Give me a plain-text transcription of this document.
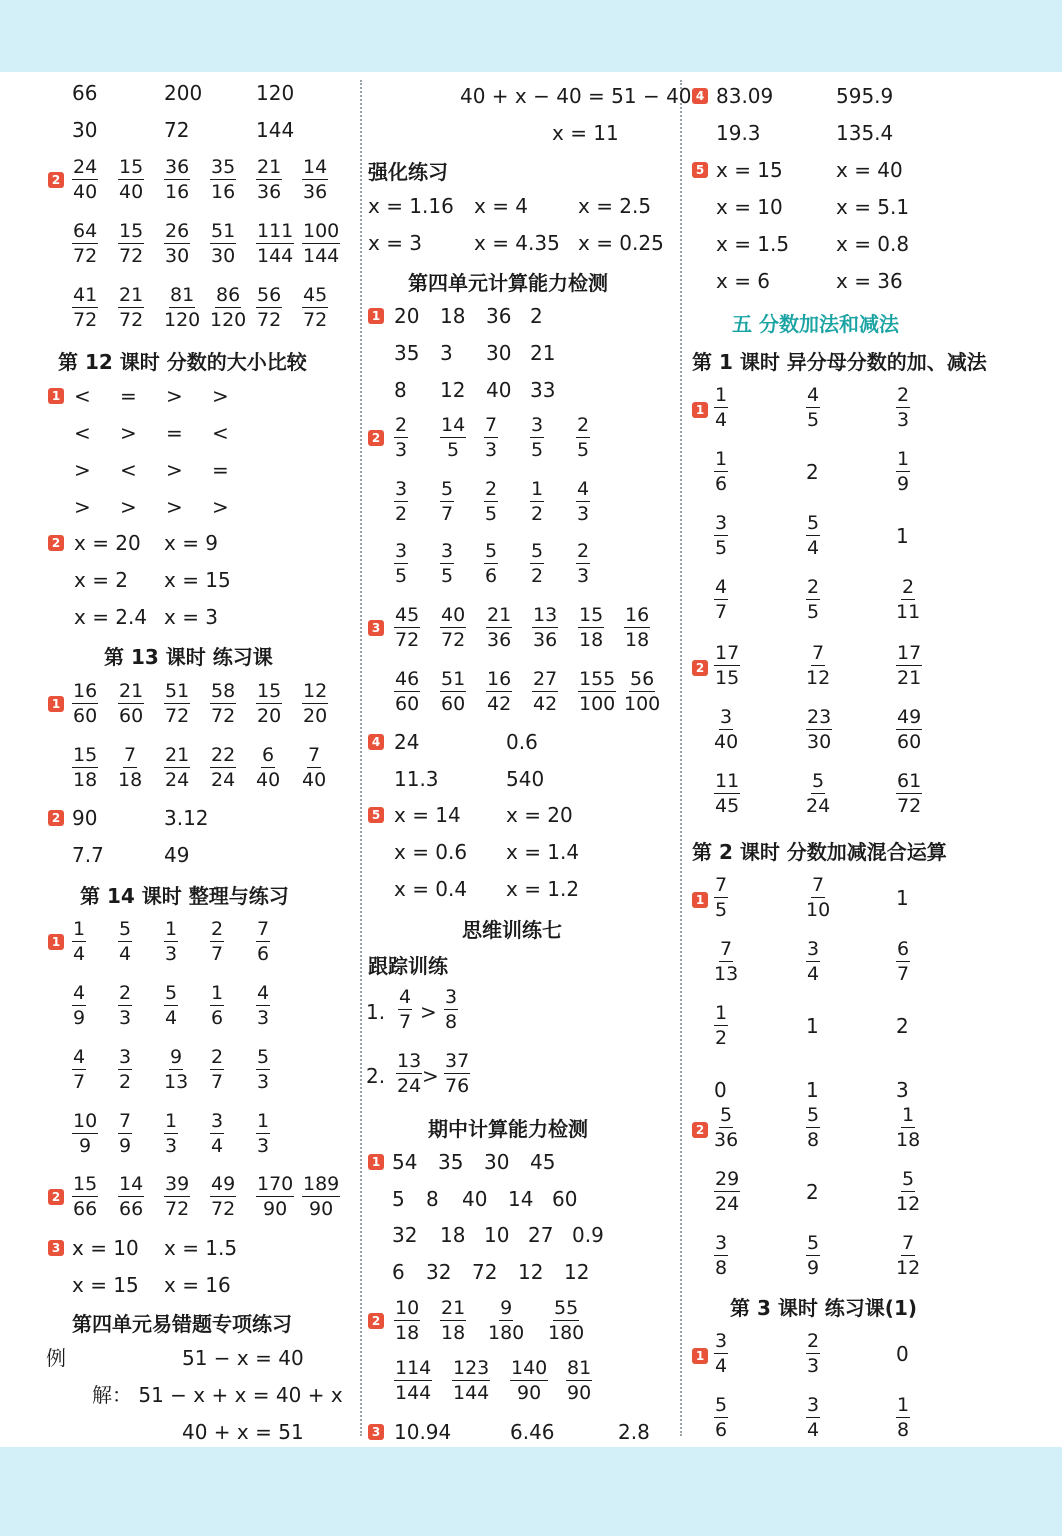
66	200	120
30	72	144
$2 \frac{24}{40} \frac{15}{40} \frac{36}{16} \frac{35}{16} \frac{21}{36} \frac{14}{36}$
$\frac{64}{72} \frac{15}{72} \frac{26}{30} \frac{51}{30} \frac{111}{144} \frac{100}{144}$
$\frac{41}{72} \frac{21}{72} \frac{81}{120} \frac{86}{120} \frac{56}{72} \frac{45}{72}$
第 12 课时 分数的大小比较
1 < = > >
< > = <
> < > =
> > > >
2 x = 20 x = 9
x = 2 x = 15
x = 2.4 x = 3
第 13 课时 练习课
$1 \frac{16}{60} \frac{21}{60} \frac{51}{72} \frac{58}{72} \frac{15}{20} \frac{12}{20}$
$\frac{15}{18} \frac{7}{18} \frac{21}{24} \frac{22}{24} \frac{6}{40} \frac{7}{40}$
2 90	3.12
7.7	49
第 14 课时 整理与练习
$1 \frac{1}{4} \frac{5}{4} \frac{1}{3} \frac{2}{7} \frac{7}{6}$
$\frac{4}{9} \frac{2}{3} \frac{5}{4} \frac{1}{6} \frac{4}{3}$
$\frac{4}{7} \frac{3}{2} \frac{9}{13} \frac{2}{7} \frac{5}{3}$
$\frac{10}{9} \frac{7}{9} \frac{1}{3} \frac{3}{4} \frac{1}{3}$
$2 \frac{15}{66} \frac{14}{66} \frac{39}{72} \frac{49}{72} \frac{170}{90} \frac{189}{90}$
3 x = 10 x = 1.5
x = 15 x = 16
第四单元易错题专项练习
例	51 − x = 40
解： 51 − x + x = 40 + x
40 + x = 51
40 + x − 40 = 51 − 40
x = 11
强化练习
x = 1.16 x = 4 x = 2.5
x = 3	x = 4.35 x = 0.25
第四单元计算能力检测
1 20 18 36 2
35 3 30 21
8 12 40 33
$2 \frac{2}{3} \frac{14}{5} \frac{7}{3} \frac{3}{5} \frac{2}{5}$
$\frac{3}{2} \frac{5}{7} \frac{2}{5} \frac{1}{2} \frac{4}{3}$
$\frac{3}{5} \frac{3}{5} \frac{5}{6} \frac{5}{2} \frac{2}{3}$
$3 \frac{45}{72} \frac{40}{72} \frac{21}{36} \frac{13}{36} \frac{15}{18} \frac{16}{18}$
$\frac{46}{60} \frac{51}{60} \frac{16}{42} \frac{27}{42} \frac{155}{100} \frac{56}{100}$
4 24	0.6
11.3	540
5 x = 14 x = 20
x = 0.6 x = 1.4
x = 0.4 x = 1.2
思维训练七
跟踪训练
1. $\frac{4}{7} > \frac{3}{8}$
2. $\frac{13}{24} > \frac{37}{76}$
期中计算能力检测
1 54 35 30 45
5 8 40 14 60
32 18 10 27 0.9
6 32 72 12 12
$2 \frac{10}{18} \frac{21}{18} \frac{9}{180} \frac{55}{180}$
$\frac{114}{144} \frac{123}{144} \frac{140}{90} \frac{81}{90}$
3 10.94	6.46	2.8
4 83.09	595.9
19.3	135.4
5 x = 15	x = 40
x = 10	x = 5.1
x = 1.5 x = 0.8
x = 6	x = 36
五 分数加法和减法
第 1 课时 异分母分数的加、减法
$1 \frac{1}{4}$	$\frac{4}{5}$	$\frac{2}{3}$
$\frac{1}{6}$	2	$\frac{1}{9}$
$\frac{3}{5}$	$\frac{5}{4}$	1
$\frac{4}{7}$	$\frac{2}{5}$	$\frac{2}{11}$
$2 \frac{17}{15}$	$\frac{7}{12}$	$\frac{17}{21}$
$\frac{3}{40}$	$\frac{23}{30}$	$\frac{49}{60}$
$\frac{11}{45}$	$\frac{5}{24}$	$\frac{61}{72}$
第 2 课时 分数加减混合运算
$1 \frac{7}{5}$	$\frac{7}{10}$	1
$\frac{7}{13}$	$\frac{3}{4}$	$\frac{6}{7}$
$\frac{1}{2}$	1	2
0	1	3
$2 \frac{5}{36}$	$\frac{5}{8}$	$\frac{1}{18}$
$\frac{29}{24}$	2	$\frac{5}{12}$
$\frac{3}{8}$	$\frac{5}{9}$	$\frac{7}{12}$
第 3 课时 练习课(1)
$1 \frac{3}{4}$	$\frac{2}{3}$	0
$\frac{5}{6}$	$\frac{3}{4}$	$\frac{1}{8}$
